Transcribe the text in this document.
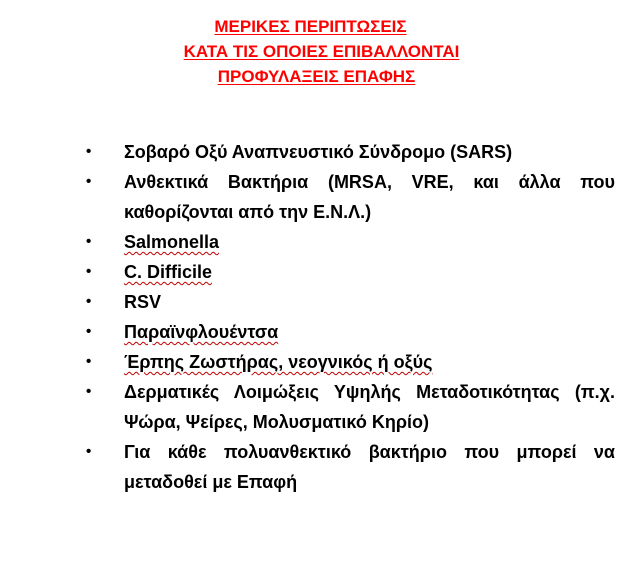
ΜΕΡΙΚΕΣ ΠΕΡΙΠΤΩΣΕΙΣ
ΚΑΤΑ ΤΙΣ ΟΠΟΙΕΣ ΕΠΙΒΑΛΛΟΝΤΑΙ
ΠΡΟΦΥΛΑΞΕΙΣ ΕΠΑΦΗΣ
• Σοβαρό Οξύ Αναπνευστικό Σύνδρομο (SARS)
• Ανθεκτικά Βακτήρια (MRSA, VRE, και άλλα που καθορίζονται από την Ε.Ν.Λ.)
• Salmonella
• C. Difficile
• RSV
• Παραϊνφλουέντσα
• Έρπης Ζωστήρας, νεογνικός ή οξύς
• Δερματικές Λοιμώξεις Υψηλής Μεταδοτικότητας (π.χ. Ψώρα, Ψείρες, Μολυσματικό Κηρίο)
• Για κάθε πολυανθεκτικό βακτήριο που μπορεί να μεταδοθεί με Επαφή
